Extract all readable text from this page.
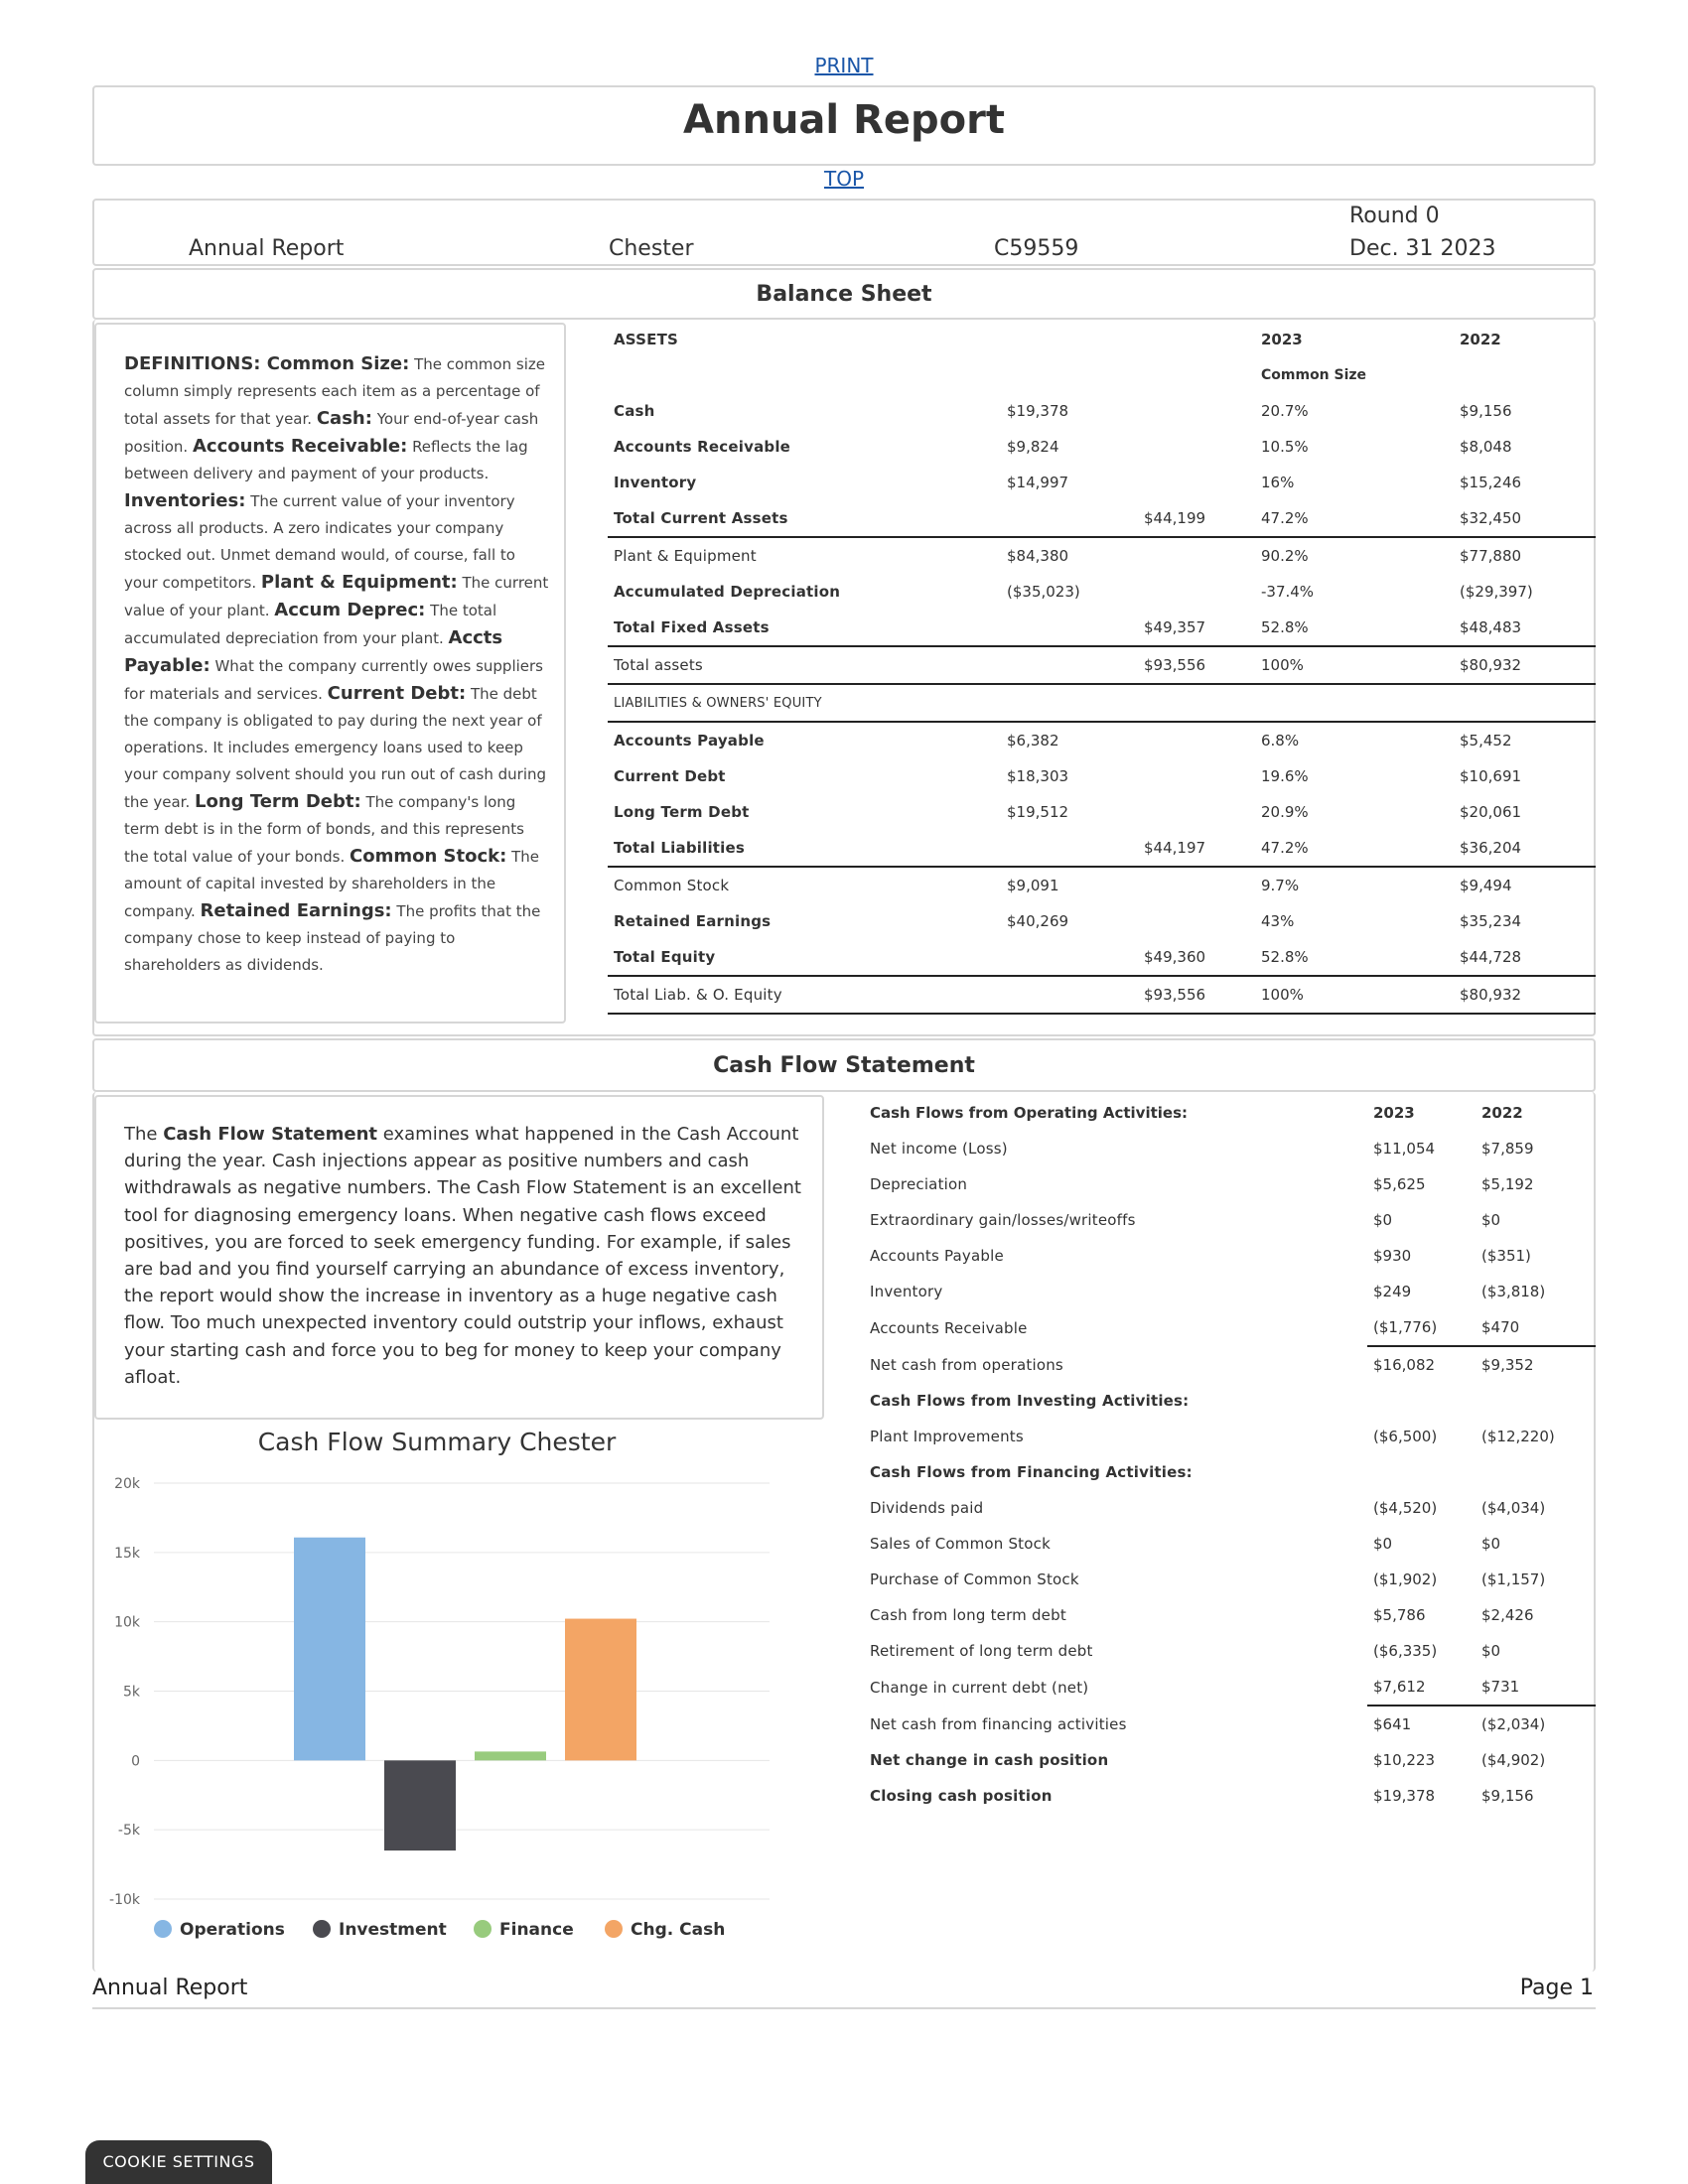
PRINT
Annual Report
TOP
Annual Report	Chester	C59559
Round 0
Dec. 31 2023
Balance Sheet
DEFINITIONS: Common Size: The common size column simply represents each item as a percentage of total assets for that year. Cash: Your end-of-year cash position. Accounts Receivable: Reflects the lag between delivery and payment of your products. Inventories: The current value of your inventory across all products. A zero indicates your company stocked out. Unmet demand would, of course, fall to your competitors. Plant & Equipment: The current value of your plant. Accum Deprec: The total accumulated depreciation from your plant. Accts Payable: What the company currently owes suppliers for materials and services. Current Debt: The debt the company is obligated to pay during the next year of operations. It includes emergency loans used to keep your company solvent should you run out of cash during the year. Long Term Debt: The company's long term debt is in the form of bonds, and this represents the total value of your bonds. Common Stock: The amount of capital invested by shareholders in the company. Retained Earnings: The profits that the company chose to keep instead of paying to shareholders as dividends.
ASSETS			2023	2022
			Common Size	
Cash	$19,378		20.7%	$9,156
Accounts Receivable	$9,824		10.5%	$8,048
Inventory	$14,997		16%	$15,246
Total Current Assets		$44,199	47.2%	$32,450
Plant & Equipment	$84,380		90.2%	$77,880
Accumulated Depreciation	($35,023)		-37.4%	($29,397)
Total Fixed Assets		$49,357	52.8%	$48,483
Total assets		$93,556	100%	$80,932
LIABILITIES & OWNERS' EQUITY				
Accounts Payable	$6,382		6.8%	$5,452
Current Debt	$18,303		19.6%	$10,691
Long Term Debt	$19,512		20.9%	$20,061
Total Liabilities		$44,197	47.2%	$36,204
Common Stock	$9,091		9.7%	$9,494
Retained Earnings	$40,269		43%	$35,234
Total Equity		$49,360	52.8%	$44,728
Total Liab. & O. Equity		$93,556	100%	$80,932
Cash Flow Statement
The Cash Flow Statement examines what happened in the Cash Account during the year. Cash injections appear as positive numbers and cash withdrawals as negative numbers. The Cash Flow Statement is an excellent tool for diagnosing emergency loans. When negative cash flows exceed positives, you are forced to seek emergency funding. For example, if sales are bad and you find yourself carrying an abundance of excess inventory, the report would show the increase in inventory as a huge negative cash flow. Too much unexpected inventory could outstrip your inflows, exhaust your starting cash and force you to beg for money to keep your company afloat.
Cash Flow Summary Chester
20k
15k
10k
5k
0
-5k
-10k
Operations	Investment	Finance	Chg. Cash
Cash Flows from Operating Activities:	2023	2022
Net income (Loss)	$11,054	$7,859
Depreciation	$5,625	$5,192
Extraordinary gain/losses/writeoffs	$0	$0
Accounts Payable	$930	($351)
Inventory	$249	($3,818)
Accounts Receivable	($1,776)	$470
Net cash from operations	$16,082	$9,352
Cash Flows from Investing Activities:		
Plant Improvements	($6,500)	($12,220)
Cash Flows from Financing Activities:		
Dividends paid	($4,520)	($4,034)
Sales of Common Stock	$0	$0
Purchase of Common Stock	($1,902)	($1,157)
Cash from long term debt	$5,786	$2,426
Retirement of long term debt	($6,335)	$0
Change in current debt (net)	$7,612	$731
Net cash from financing activities	$641	($2,034)
Net change in cash position	$10,223	($4,902)
Closing cash position	$19,378	$9,156
Annual Report	Page 1
COOKIE SETTINGS
